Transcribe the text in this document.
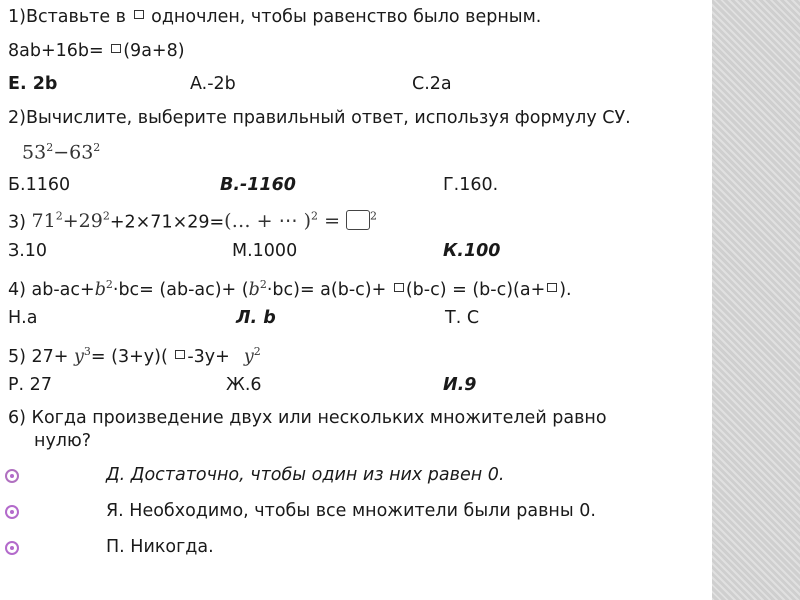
1)Вставьте в  одночлен, чтобы равенство было верным.
8ab+16b= (9a+8)
E. 2b	A.-2b	C.2a
2)Вычислите, выберите правильный ответ, используя формулу СУ.
$53^2-63^2$
Б.1160	В.-1160	Г.160.
3) $71^2+29^2+2\times 71\times 29=(\dots$ + ⋯ )$^2$ = $^2$
З.10	М.1000	К.100
4) $ab-ac+b^2\cdot bc= (ab-ac)+ (b^2\cdot bc)= a(b-c)+ (b-c) = (b-c)(a+$ ).
Н.а	Л. b	Т. С
5) $27+ y^3= (3+y)$( $-3y+ y^2$
Р. 27	Ж.6	И.9
6) Когда произведение двух или нескольких множителей равно
нулю?
Д. Достаточно, чтобы один из них равен 0.
Я. Необходимо, чтобы все множители были равны 0.
П. Никогда.
